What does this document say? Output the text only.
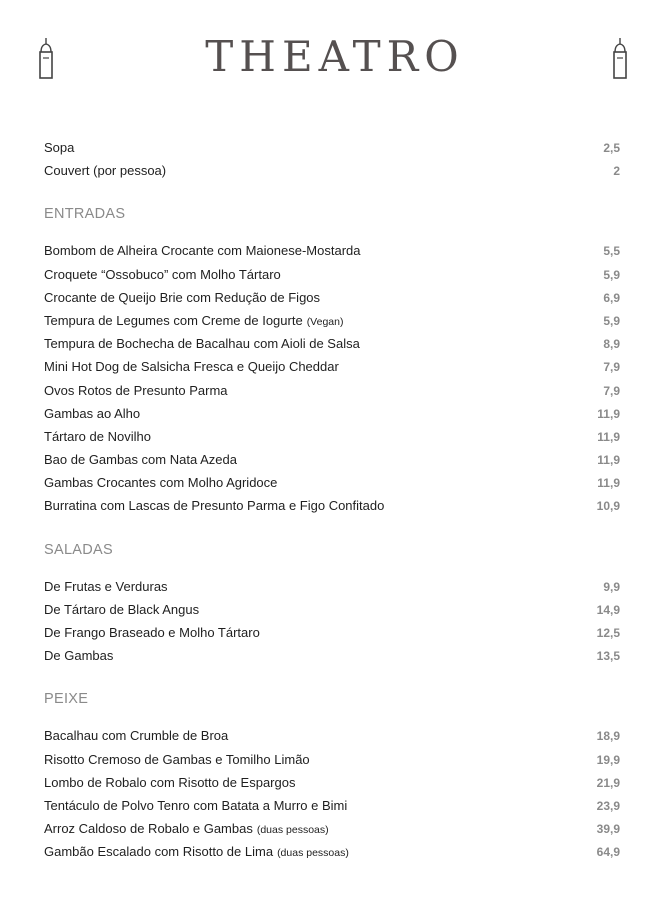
THEATRO
Sopa	2,5
Couvert (por pessoa)	2
ENTRADAS
Bombom de Alheira Crocante com Maionese-Mostarda	5,5
Croquete “Ossobuco” com Molho Tártaro	5,9
Crocante de Queijo Brie com Redução de Figos	6,9
Tempura de Legumes com Creme de Iogurte (Vegan)	5,9
Tempura de Bochecha de Bacalhau com Aioli de Salsa	8,9
Mini Hot Dog de Salsicha Fresca e Queijo Cheddar	7,9
Ovos Rotos de Presunto Parma	7,9
Gambas ao Alho	11,9
Tártaro de Novilho	11,9
Bao de Gambas com Nata Azeda	11,9
Gambas Crocantes com Molho Agridoce	11,9
Burratina com Lascas de Presunto Parma e Figo Confitado	10,9
SALADAS
De Frutas e Verduras	9,9
De Tártaro de Black Angus	14,9
De Frango Braseado e Molho Tártaro	12,5
De Gambas	13,5
PEIXE
Bacalhau com Crumble de Broa	18,9
Risotto Cremoso de Gambas e Tomilho Limão	19,9
Lombo de Robalo com Risotto de Espargos	21,9
Tentáculo de Polvo Tenro com Batata a Murro e Bimi	23,9
Arroz Caldoso de Robalo e Gambas (duas pessoas)	39,9
Gambão Escalado com Risotto de Lima (duas pessoas)	64,9
